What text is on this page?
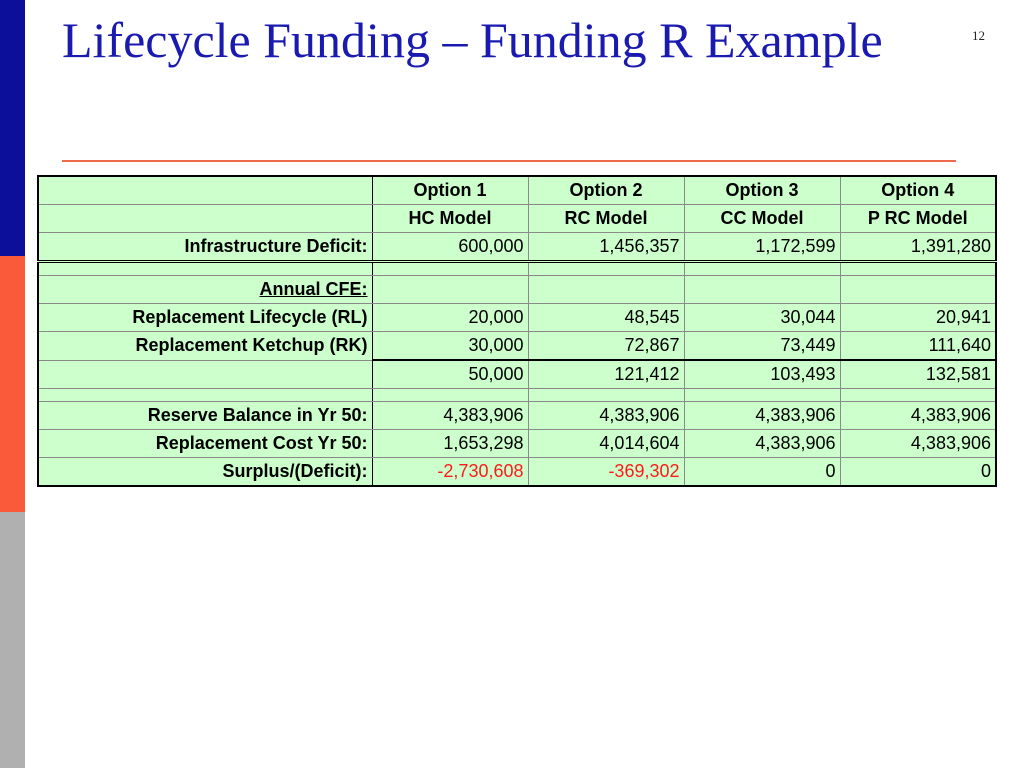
Lifecycle Funding – Funding R Example	12
	Option 1	Option 2	Option 3	Option 4
	HC Model	RC Model	CC Model	P RC Model
Infrastructure Deficit:	600,000	1,456,357	1,172,599	1,391,280

Annual CFE:				
Replacement Lifecycle (RL)	20,000	48,545	30,044	20,941
Replacement Ketchup (RK)	30,000	72,867	73,449	111,640
	50,000	121,412	103,493	132,581

Reserve Balance in Yr 50:	4,383,906	4,383,906	4,383,906	4,383,906
Replacement Cost Yr 50:	1,653,298	4,014,604	4,383,906	4,383,906
Surplus/(Deficit):	-2,730,608	-369,302	0	0
